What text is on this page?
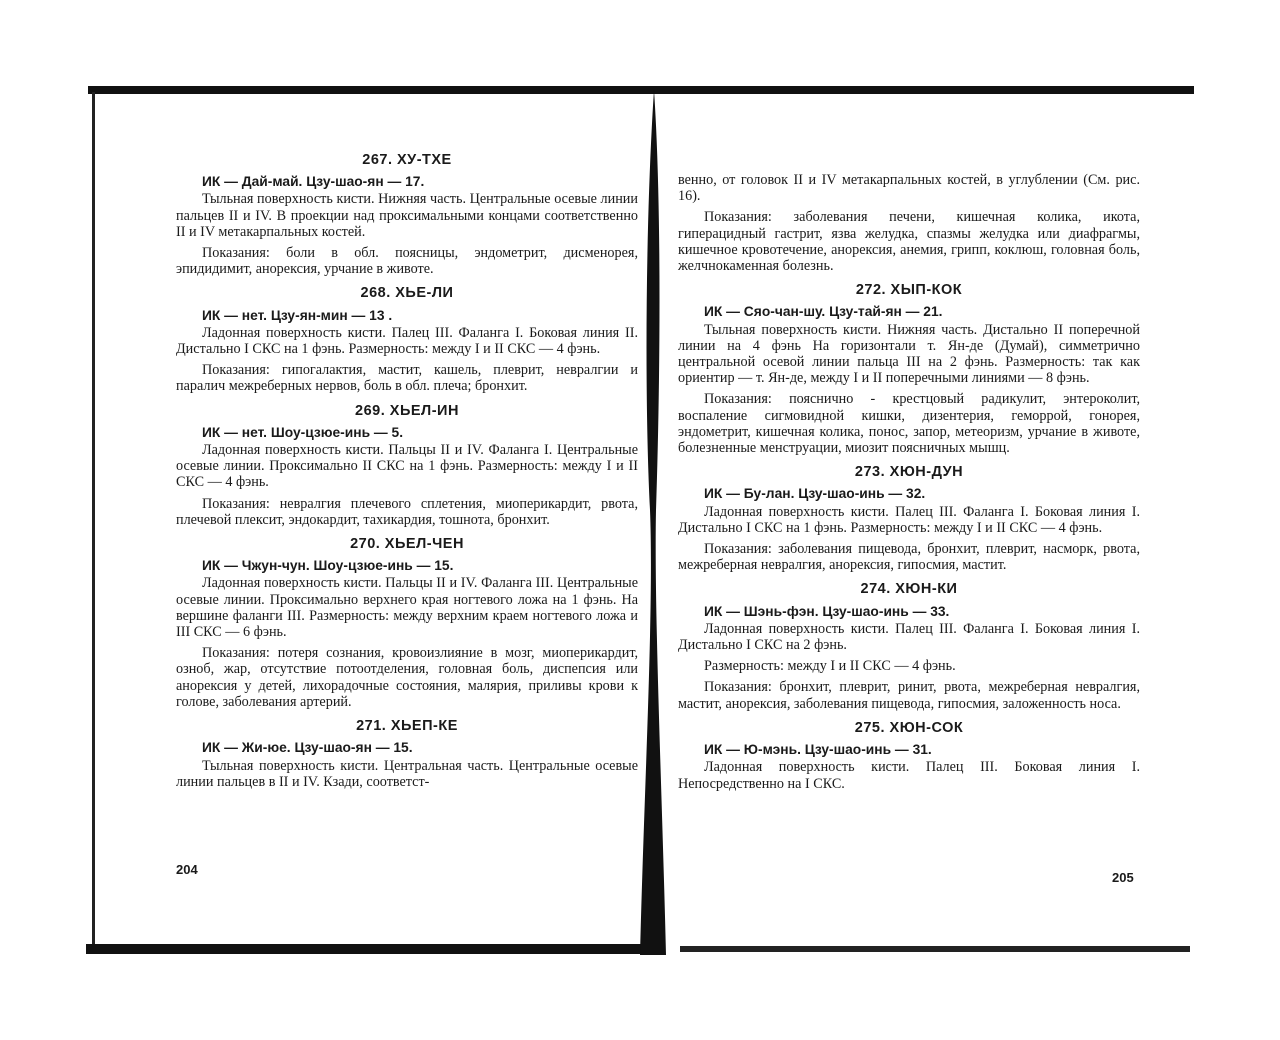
267. ХУ-ТХЕ
ИК — Дай-май. Цзу-шао-ян — 17.

Тыльная поверхность кисти. Нижняя часть. Центральные осевые линии пальцев II и IV. В проекции над проксимальными концами соответственно II и IV метакарпальных костей.

Показания: боли в обл. поясницы, эндометрит, дисменорея, эпидидимит, анорексия, урчание в животе.

268. ХЬЕ-ЛИ
ИК — нет. Цзу-ян-мин — 13 .

Ладонная поверхность кисти. Палец III. Фаланга I. Боковая линия II. Дистально I СКС на 1 фэнь. Размерность: между I и II СКС — 4 фэнь.

Показания: гипогалактия, мастит, кашель, плеврит, невралгии и паралич межреберных нервов, боль в обл. плеча; бронхит.

269. ХЬЕЛ-ИН
ИК — нет. Шоу-цзюе-инь — 5.

Ладонная поверхность кисти. Пальцы II и IV. Фаланга I. Центральные осевые линии. Проксимально II СКС на 1 фэнь. Размерность: между I и II СКС — 4 фэнь.

Показания: невралгия плечевого сплетения, миоперикардит, рвота, плечевой плексит, эндокардит, тахикардия, тошнота, бронхит.

270. ХЬЕЛ-ЧЕН
ИК — Чжун-чун. Шоу-цзюе-инь — 15.

Ладонная поверхность кисти. Пальцы II и IV. Фаланга III. Центральные осевые линии. Проксимально верхнего края ногтевого ложа на 1 фэнь. На вершине фаланги III. Размерность: между верхним краем ногтевого ложа и III СКС — 6 фэнь.

Показания: потеря сознания, кровоизлияние в мозг, миоперикардит, озноб, жар, отсутствие потоотделения, головная боль, диспепсия или анорексия у детей, лихорадочные состояния, малярия, приливы крови к голове, заболевания артерий.

271. ХЬЕП-КЕ
ИК — Жи-юе. Цзу-шао-ян — 15.

Тыльная поверхность кисти. Центральная часть. Центральные осевые линии пальцев в II и IV. Кзади, соответст-

204

венно, от головок II и IV метакарпальных костей, в углублении (См. рис. 16).

Показания: заболевания печени, кишечная колика, икота, гиперацидный гастрит, язва желудка, спазмы желудка или диафрагмы, кишечное кровотечение, анорексия, анемия, грипп, коклюш, головная боль, желчнокаменная болезнь.

272. ХЫП-КОК
ИК — Сяо-чан-шу. Цзу-тай-ян — 21.

Тыльная поверхность кисти. Нижняя часть. Дистально II поперечной линии на 4 фэнь На горизонтали т. Ян-де (Думай), симметрично центральной осевой линии пальца III на 2 фэнь. Размерность: так как ориентир — т. Ян-де, между I и II поперечными линиями — 8 фэнь.

Показания: пояснично - крестцовый радикулит, энтероколит, воспаление сигмовидной кишки, дизентерия, геморрой, гонорея, эндометрит, кишечная колика, понос, запор, метеоризм, урчание в животе, болезненные менструации, миозит поясничных мышц.

273. ХЮН-ДУН
ИК — Бу-лан. Цзу-шао-инь — 32.

Ладонная поверхность кисти. Палец III. Фаланга I. Боковая линия I. Дистально I СКС на 1 фэнь. Размерность: между I и II СКС — 4 фэнь.

Показания: заболевания пищевода, бронхит, плеврит, насморк, рвота, межреберная невралгия, анорексия, гипосмия, мастит.

274. ХЮН-КИ
ИК — Шэнь-фэн. Цзу-шао-инь — 33.

Ладонная поверхность кисти. Палец III. Фаланга I. Боковая линия I. Дистально I СКС на 2 фэнь.

Размерность: между I и II СКС — 4 фэнь.

Показания: бронхит, плеврит, ринит, рвота, межреберная невралгия, мастит, анорексия, заболевания пищевода, гипосмия, заложенность носа.

275. ХЮН-СОК
ИК — Ю-мэнь. Цзу-шао-инь — 31.

Ладонная поверхность кисти. Палец III. Боковая линия I. Непосредственно на I СКС.

205
